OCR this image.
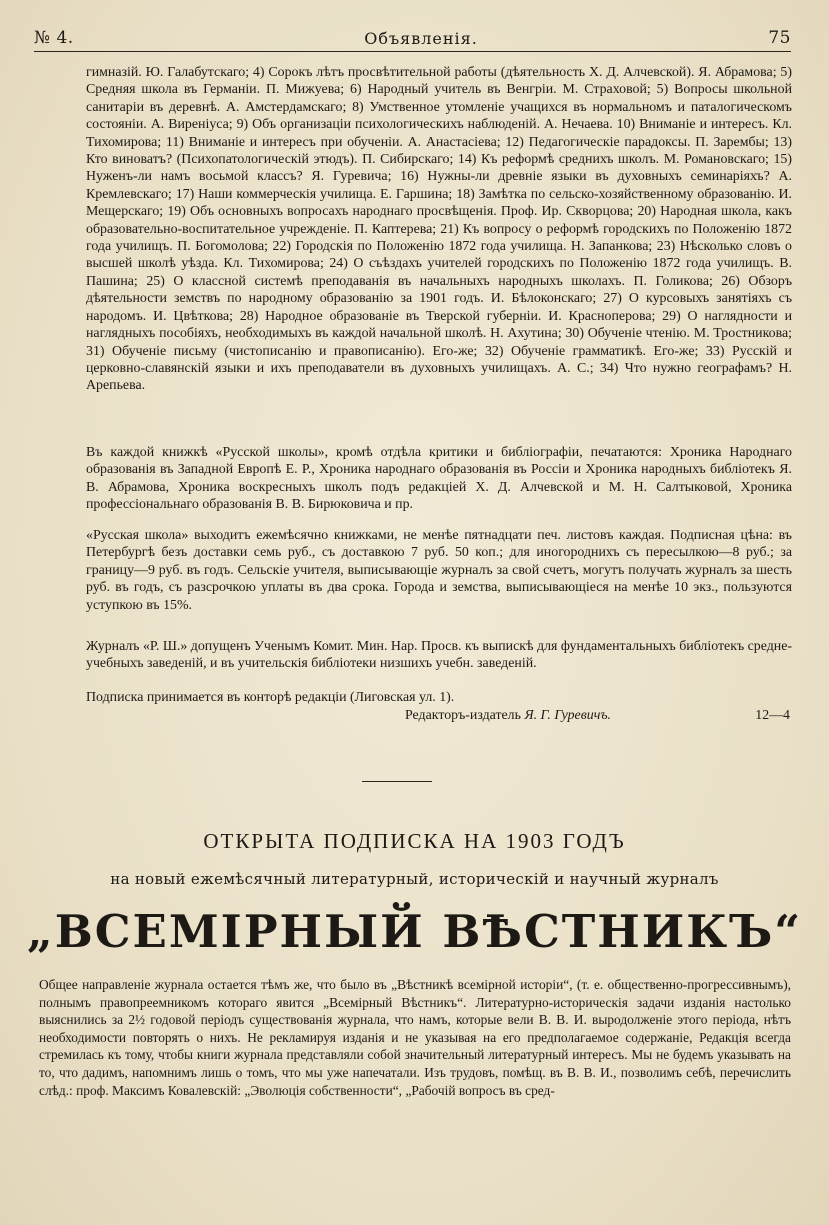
№ 4.	Объявленія.	75

гимназій. Ю. Галабутскаго; 4) Сорокъ лѣтъ просвѣтительной работы (дѣятельность X. Д. Алчевской). Я. Абрамова; 5) Средняя школа въ Германіи. П. Мижуева; 6) Народный учитель въ Венгріи. М. Страховой; 5) Вопросы школьной санитаріи въ деревнѣ. А. Амстердамскаго; 8) Умственное утомленіе учащихся въ нормальномъ и паталогическомъ состояніи. А. Виренiуса; 9) Объ организаціи психологическихъ наблюденій. А. Нечаева. 10) Вниманіе и интересъ. Кл. Тихомирова; 11) Вниманіе и интересъ при обученіи. А. Анастасіева; 12) Педагогическіе парадоксы. П. Зарембы; 13) Кто виноватъ? (Психопатологическій этюдъ). П. Сибирскаго; 14) Къ реформѣ среднихъ школъ. М. Романовскаго; 15) Нуженъ-ли намъ восьмой классъ? Я. Гуревича; 16) Нужны-ли древніе языки въ духовныхъ семинаріяхъ? А. Кремлевскаго; 17) Наши коммерческія училища. Е. Гаршина; 18) Замѣтка по сельско-хозяйственному образованію. И. Мещерскаго; 19) Объ основныхъ вопросахъ народнаго просвѣщенія. Проф. Ир. Скворцова; 20) Народная школа, какъ образовательно-воспитательное учрежденіе. П. Каптерева; 21) Къ вопросу о реформѣ городскихъ по Положенію 1872 года училищъ. П. Богомолова; 22) Городскія по Положенію 1872 года училища. Н. Запанкова; 23) Нѣсколько словъ о высшей школѣ уѣзда. Кл. Тихомирова; 24) О съѣздахъ учителей городскихъ по Положенію 1872 года училищъ. В. Пашина; 25) О классной системѣ преподаванія въ начальныхъ народныхъ школахъ. П. Голикова; 26) Обзоръ дѣятельности земствъ по народному образованію за 1901 годъ. И. Бѣлоконскаго; 27) О курсовыхъ занятіяхъ съ народомъ. И. Цвѣткова; 28) Народное образованіе въ Тверской губерніи. И. Красноперова; 29) О наглядности и наглядныхъ пособіяхъ, необходимыхъ въ каждой начальной школѣ. Н. Ахутина; 30) Обученіе чтенію. М. Тростникова; 31) Обученіе письму (чистописанію и правописанію). Его-же; 32) Обученіе грамматикѣ. Его-же; 33) Русскій и церковно-славянскій языки и ихъ преподаватели въ духовныхъ училищахъ. А. С.; 34) Что нужно географамъ? Н. Арепьева.

Въ каждой книжкѣ «Русской школы», кромѣ отдѣла критики и библіографіи, печатаются: Хроника Народнаго образованія въ Западной Европѣ Е. Р., Хроника народнаго образованія въ Россіи и Хроника народныхъ библіотекъ Я. В. Абрамова, Хроника воскресныхъ школъ подъ редакціей X. Д. Алчевской и М. Н. Салтыковой, Хроника профессіональнаго образованія В. В. Бирюковича и пр.

«Русская школа» выходитъ ежемѣсячно книжками, не менѣе пятнадцати печ. листовъ каждая. Подписная цѣна: въ Петербургѣ безъ доставки семь руб., съ доставкою 7 руб. 50 коп.; для иногороднихъ съ пересылкою—8 руб.; за границу—9 руб. въ годъ. Сельскіе учителя, выписывающіе журналъ за свой счетъ, могутъ получать журналъ за шесть руб. въ годъ, съ разсрочкою уплаты въ два срока. Города и земства, выписывающіеся на менѣе 10 экз., пользуются уступкою въ 15%.

Журналъ «Р. Ш.» допущенъ Ученымъ Комит. Мин. Нар. Просв. къ выпискѣ для фундаментальныхъ библіотекъ средне-учебныхъ заведеній, и въ учительскія библіотеки низшихъ учебн. заведеній.

Подписка принимается въ конторѣ редакціи (Лиговская ул. 1).
Редакторъ-издатель Я. Г. Гуревичъ.	12—4
ОТКРЫТА ПОДПИСКА НА 1903 ГОДЪ
на новый ежемѣсячный литературный, историческій и научный журналъ
„ВСЕМІРНЫЙ ВѢСТНИКЪ“

Общее направленіе журнала остается тѣмъ же, что было въ „Вѣстникѣ всемірной исторіи“, (т. е. общественно-прогрессивнымъ), полнымъ правопреемникомъ котораго явится „Всемірный Вѣстникъ“. Литературно-историческія задачи изданія настолько выяснились за 2½ годовой періодъ существованія журнала, что намъ, которые вели В. В. И. выродолженіе этого періода, нѣтъ необходимости повторять о нихъ. Не рекламируя изданія и не указывая на его предполагаемое содержаніе, Редакція всегда стремилась къ тому, чтобы книги журнала представляли собой значительный литературный интересъ. Мы не будемъ указывать на то, что дадимъ, напомнимъ лишь о томъ, что мы уже напечатали. Изъ трудовъ, помѣщ. въ В. В. И., позволимъ себѣ, перечислить слѣд.: проф. Максимъ Ковалевскій: „Эволюція собственности“, „Рабочій вопросъ въ сред-
